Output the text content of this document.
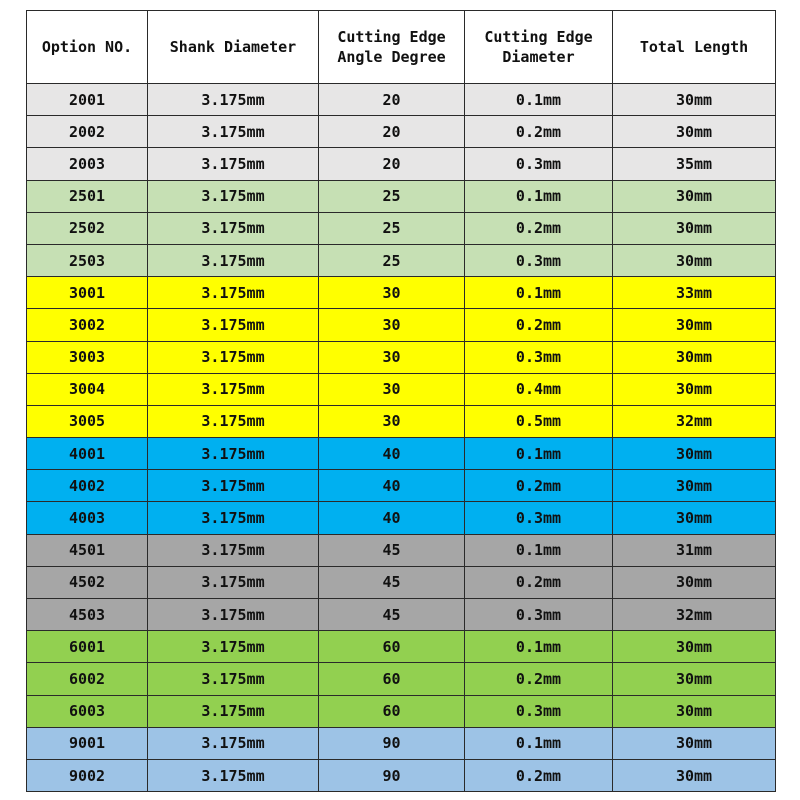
Option NO.	Shank Diameter	Cutting Edge Angle Degree	Cutting Edge Diameter	Total Length
2001	3.175mm	20	0.1mm	30mm
2002	3.175mm	20	0.2mm	30mm
2003	3.175mm	20	0.3mm	35mm
2501	3.175mm	25	0.1mm	30mm
2502	3.175mm	25	0.2mm	30mm
2503	3.175mm	25	0.3mm	30mm
3001	3.175mm	30	0.1mm	33mm
3002	3.175mm	30	0.2mm	30mm
3003	3.175mm	30	0.3mm	30mm
3004	3.175mm	30	0.4mm	30mm
3005	3.175mm	30	0.5mm	32mm
4001	3.175mm	40	0.1mm	30mm
4002	3.175mm	40	0.2mm	30mm
4003	3.175mm	40	0.3mm	30mm
4501	3.175mm	45	0.1mm	31mm
4502	3.175mm	45	0.2mm	30mm
4503	3.175mm	45	0.3mm	32mm
6001	3.175mm	60	0.1mm	30mm
6002	3.175mm	60	0.2mm	30mm
6003	3.175mm	60	0.3mm	30mm
9001	3.175mm	90	0.1mm	30mm
9002	3.175mm	90	0.2mm	30mm
